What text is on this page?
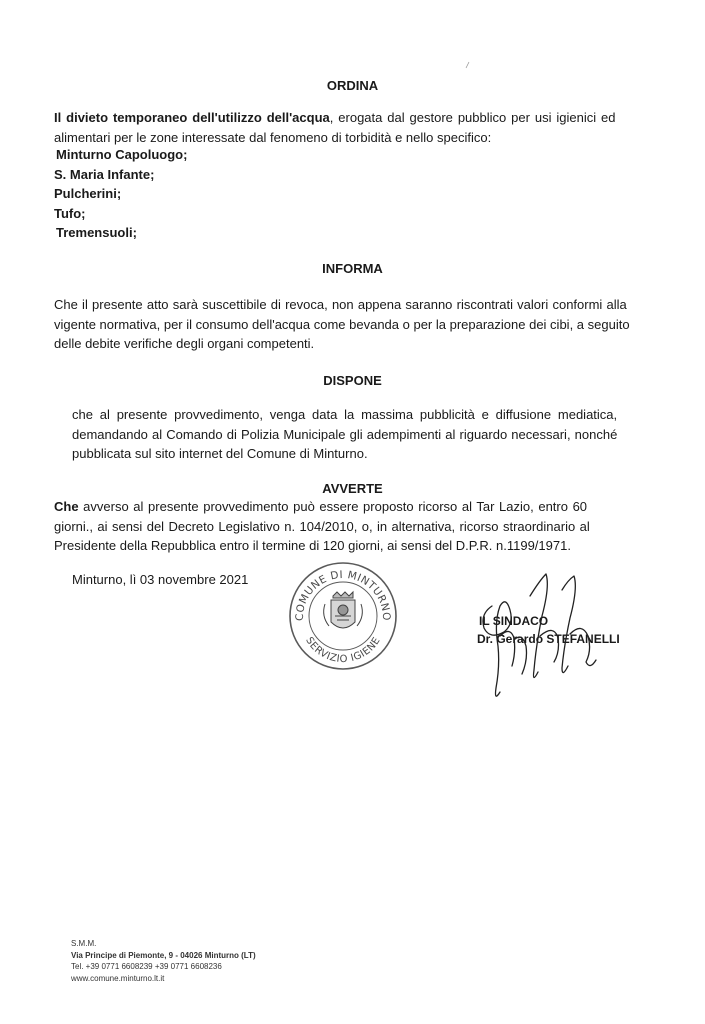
ORDINA
Il divieto temporaneo dell'utilizzo dell'acqua, erogata dal gestore pubblico per usi igienici ed
alimentari per le zone interessate dal fenomeno di torbidità e nello specifico:
Minturno Capoluogo;
S. Maria Infante;
Pulcherini;
Tufo;
Tremensuoli;
INFORMA
Che il presente atto sarà suscettibile di revoca, non appena saranno riscontrati valori conformi alla
vigente normativa, per il consumo dell'acqua come bevanda o per la preparazione dei cibi, a seguito
delle debite verifiche degli organi competenti.
DISPONE
che al presente provvedimento, venga data la massima pubblicità e diffusione mediatica,
demandando al Comando di Polizia Municipale gli adempimenti al riguardo necessari, nonché
pubblicata sul sito internet del Comune di Minturno.
AVVERTE
Che avverso al presente provvedimento può essere proposto ricorso al Tar Lazio, entro 60
giorni., ai sensi del Decreto Legislativo n. 104/2010, o, in alternativa, ricorso straordinario al
Presidente della Repubblica entro il termine di 120 giorni, ai sensi del D.P.R. n.1199/1971.
Minturno, lì 03 novembre 2021
COMUNE DI MINTURNO
SERVIZIO IGIENE
IL SINDACO
Dr. Gerardo STEFANELLI
S.M.M.
Via Principe di Piemonte, 9 - 04026 Minturno (LT)
Tel. +39 0771 6608239 +39 0771 6608236
www.comune.minturno.lt.it
